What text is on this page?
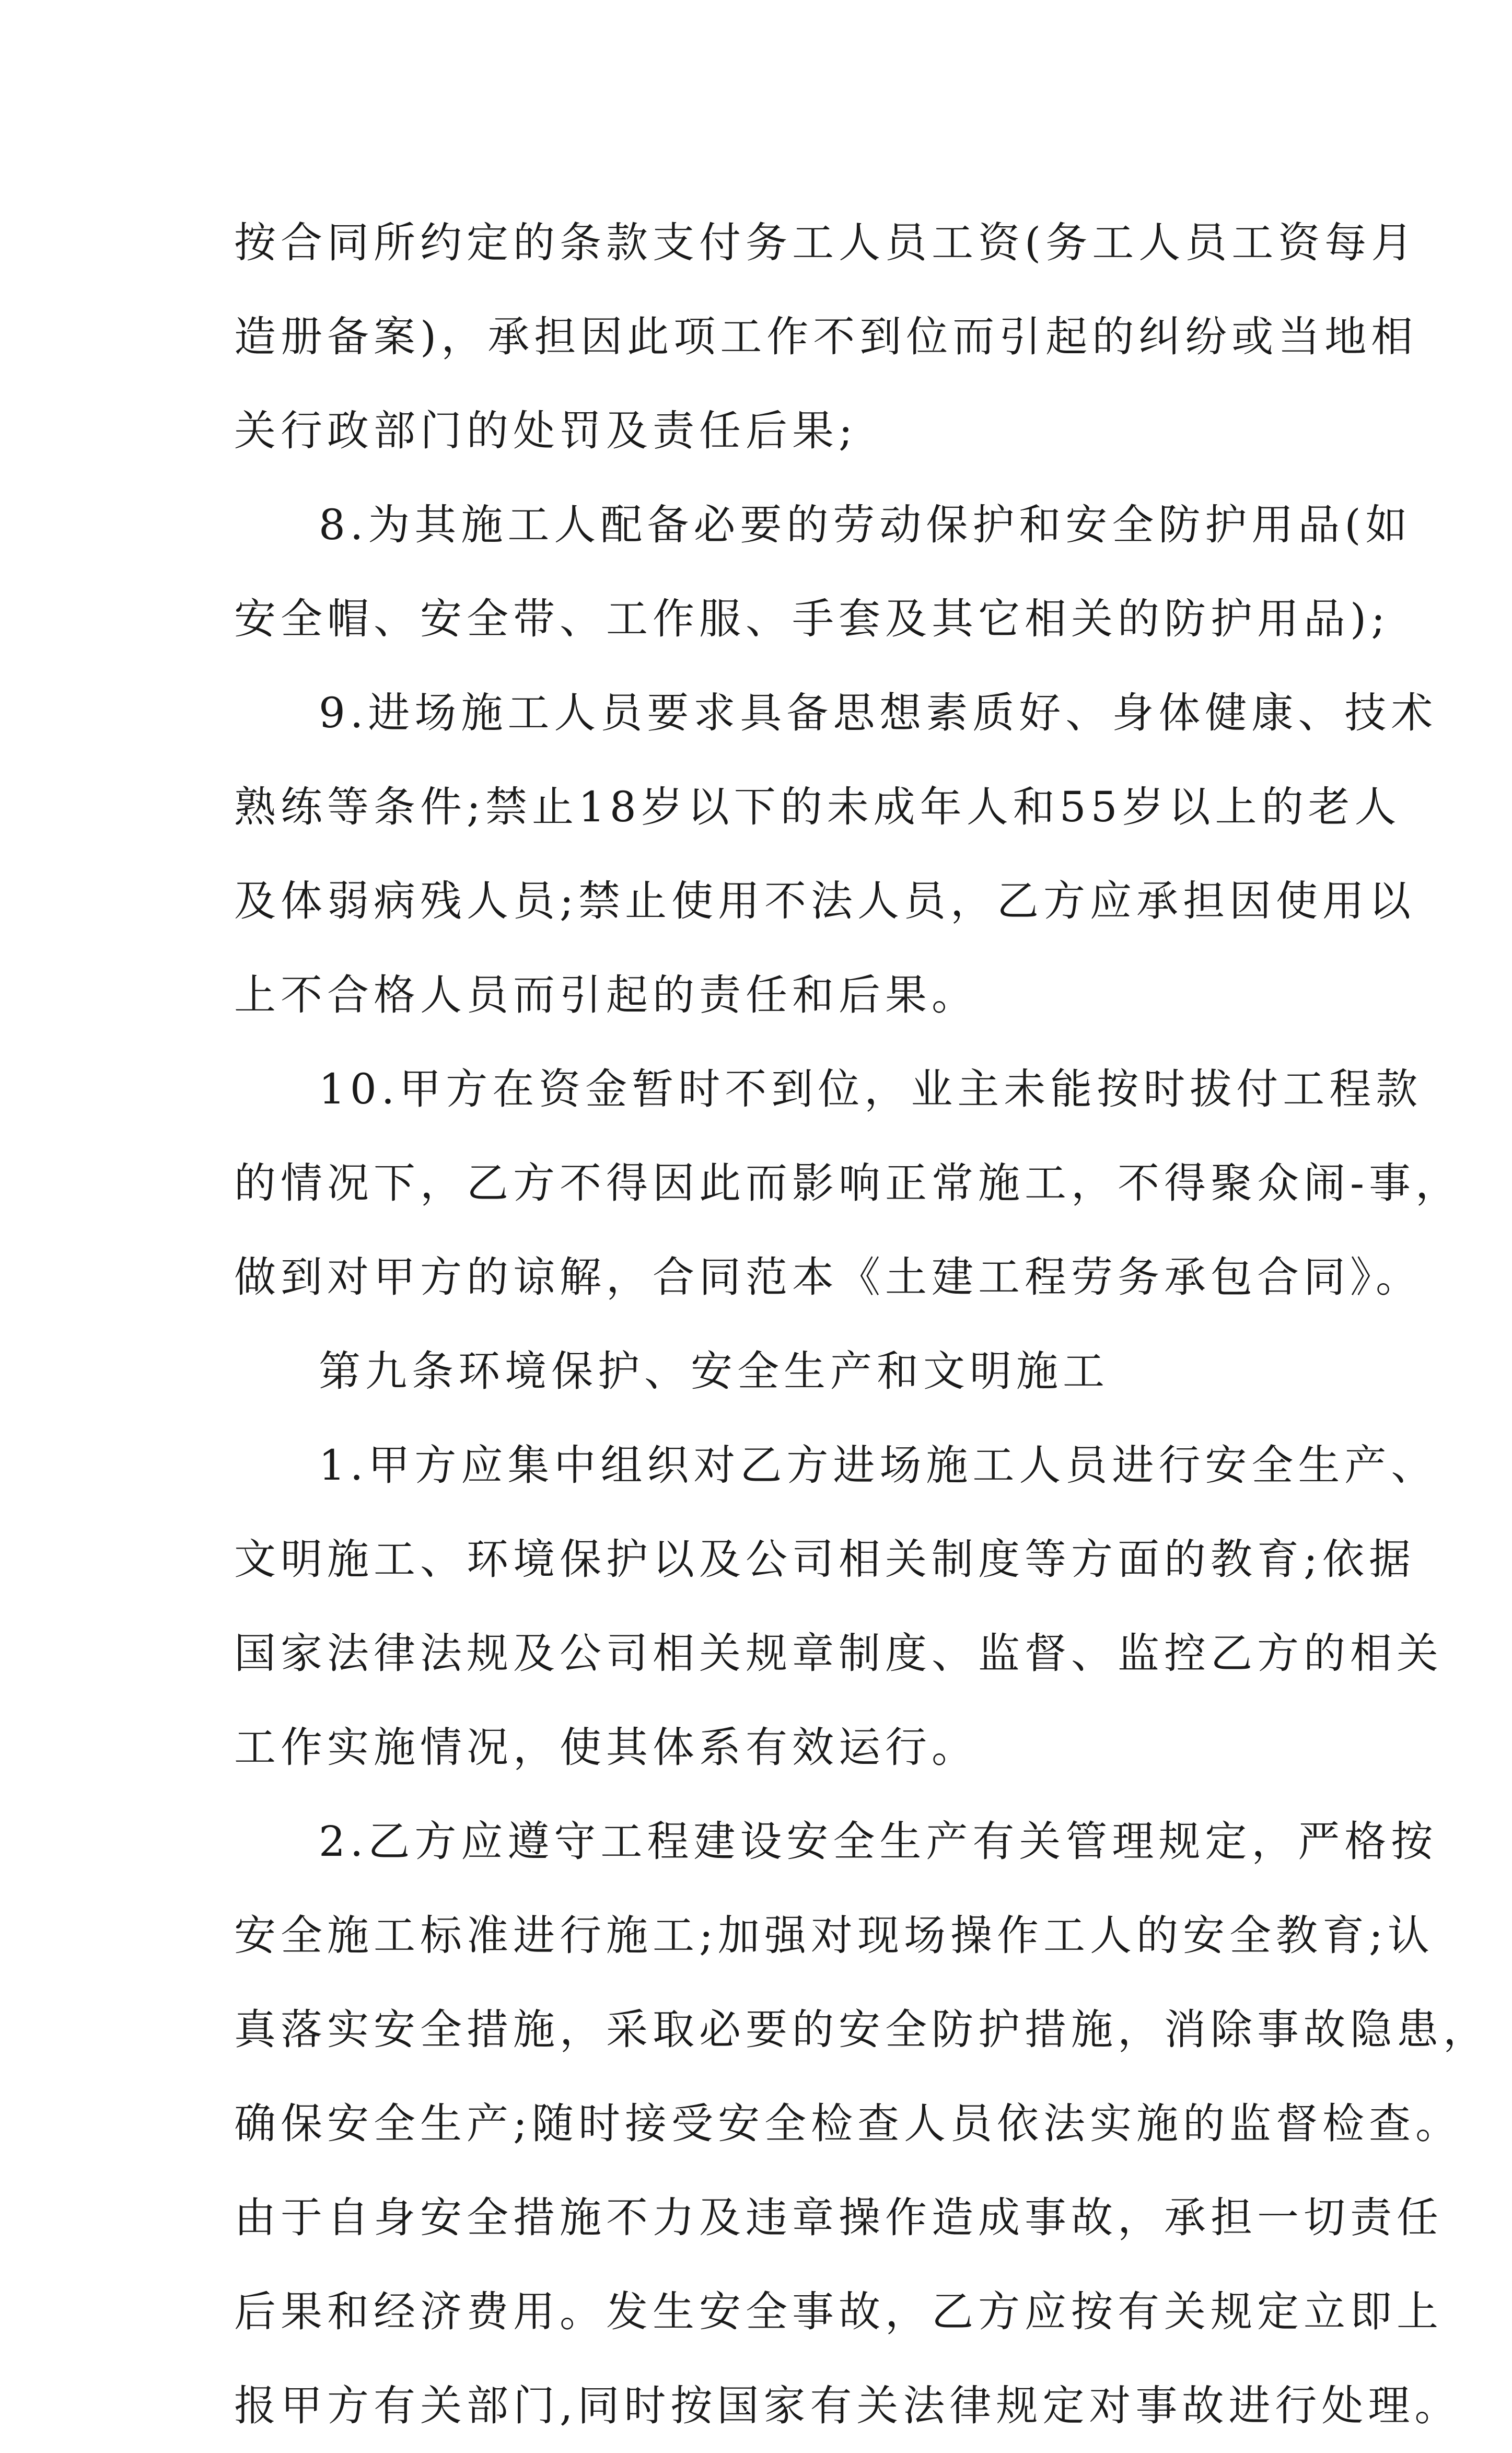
按合同所约定的条款支付务工人员工资(务工人员工资每月
造册备案)，承担因此项工作不到位而引起的纠纷或当地相
关行政部门的处罚及责任后果;
8.为其施工人配备必要的劳动保护和安全防护用品(如
安全帽、安全带、工作服、手套及其它相关的防护用品);
9.进场施工人员要求具备思想素质好、身体健康、技术
熟练等条件;禁止18岁以下的未成年人和55岁以上的老人
及体弱病残人员;禁止使用不法人员，乙方应承担因使用以
上不合格人员而引起的责任和后果。
10.甲方在资金暂时不到位，业主未能按时拔付工程款
的情况下，乙方不得因此而影响正常施工，不得聚众闹-事，
做到对甲方的谅解，合同范本《土建工程劳务承包合同》。
第九条环境保护、安全生产和文明施工
1.甲方应集中组织对乙方进场施工人员进行安全生产、
文明施工、环境保护以及公司相关制度等方面的教育;依据
国家法律法规及公司相关规章制度、监督、监控乙方的相关
工作实施情况，使其体系有效运行。
2.乙方应遵守工程建设安全生产有关管理规定，严格按
安全施工标准进行施工;加强对现场操作工人的安全教育;认
真落实安全措施，采取必要的安全防护措施，消除事故隐患，
确保安全生产;随时接受安全检查人员依法实施的监督检查。
由于自身安全措施不力及违章操作造成事故，承担一切责任
后果和经济费用。发生安全事故，乙方应按有关规定立即上
报甲方有关部门,同时按国家有关法律规定对事故进行处理。
